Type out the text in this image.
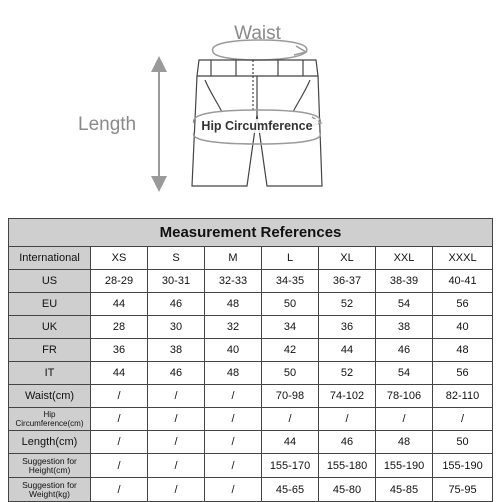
Waist
Length	Hip Circumference
Measurement References							
International	XS	S	M	L	XL	XXL	XXXL
US	28-29	30-31	32-33	34-35	36-37	38-39	40-41
EU	44	46	48	50	52	54	56
UK	28	30	32	34	36	38	40
FR	36	38	40	42	44	46	48
IT	44	46	48	50	52	54	56
Waist(cm)	/	/	/	70-98	74-102	78-106	82-110
Hip Circumference(cm)	/	/	/	/	/	/	/
Length(cm)	/	/	/	44	46	48	50
Suggestion for Height(cm)	/	/	/	155-170	155-180	155-190	155-190
Suggestion for Weight(kg)	/	/	/	45-65	45-80	45-85	75-95
